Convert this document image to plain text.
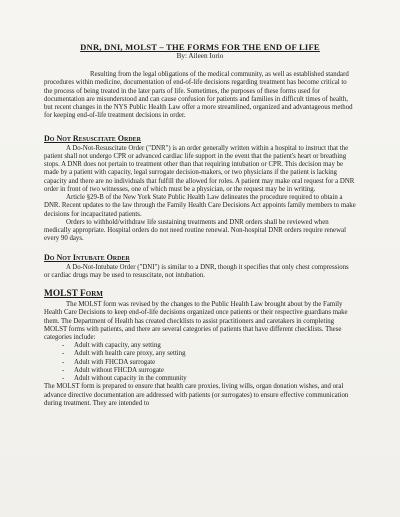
DNR, DNI, MOLST – THE FORMS FOR THE END OF LIFE
By: Aileen Iorio

Resulting from the legal obligations of the medical community, as well as established standard procedures within medicine, documentation of end-of-life decisions regarding treatment has become critical to the process of being treated in the later parts of life. Sometimes, the purposes of these forms used for documentation are misunderstood and can cause confusion for patients and families in difficult times of health, but recent changes in the NYS Public Health Law offer a more streamlined, organized and advantageous method for keeping end-of-life treatment decisions in order.

Do Not Resuscitate Order

A Do-Not-Resuscitate Order ("DNR") is an order generally written within a hospital to instruct that the patient shall not undergo CPR or advanced cardiac life support in the event that the patient's heart or breathing stops. A DNR does not pertain to treatment other than that requiring intubation or CPR. This decision may be made by a patient with capacity, legal surrogate decision-makers, or two physicians if the patient is lacking capacity and there are no individuals that fulfill the allowed for roles. A patient may make oral request for a DNR order in front of two witnesses, one of which must be a physician, or the request may be in writing.

Article §29-B of the New York State Public Health Law delineates the procedure required to obtain a DNR. Recent updates to the law through the Family Health Care Decisions Act appoints family members to make decisions for incapacitated patients.

Orders to withhold/withdraw life sustaining treatments and DNR orders shall be reviewed when medically appropriate. Hospital orders do not need routine renewal. Non-hospital DNR orders require renewal every 90 days.

Do Not Intubate Order

A Do-Not-Intubate Order ("DNI") is similar to a DNR, though it specifies that only chest compressions or cardiac drugs may be used to resuscitate, not intubation.

MOLST Form

The MOLST form was revised by the changes to the Public Health Law brought about by the Family Health Care Decisions to keep end-of-life decisions organized once patients or their respective guardians make them. The Department of Health has created checklists to assist practitioners and caretakers in completing MOLST forms with patients, and there are several categories of patients that have different checklists. These categories include:

- Adult with capacity, any setting
- Adult with health care proxy, any setting
- Adult with FHCDA surrogate
- Adult without FHCDA surrogate
- Adult without capacity in the community

The MOLST form is prepared to ensure that health care proxies, living wills, organ donation wishes, and oral advance directive documentation are addressed with patients (or surrogates) to ensure effective communication during treatment. They are intended to
